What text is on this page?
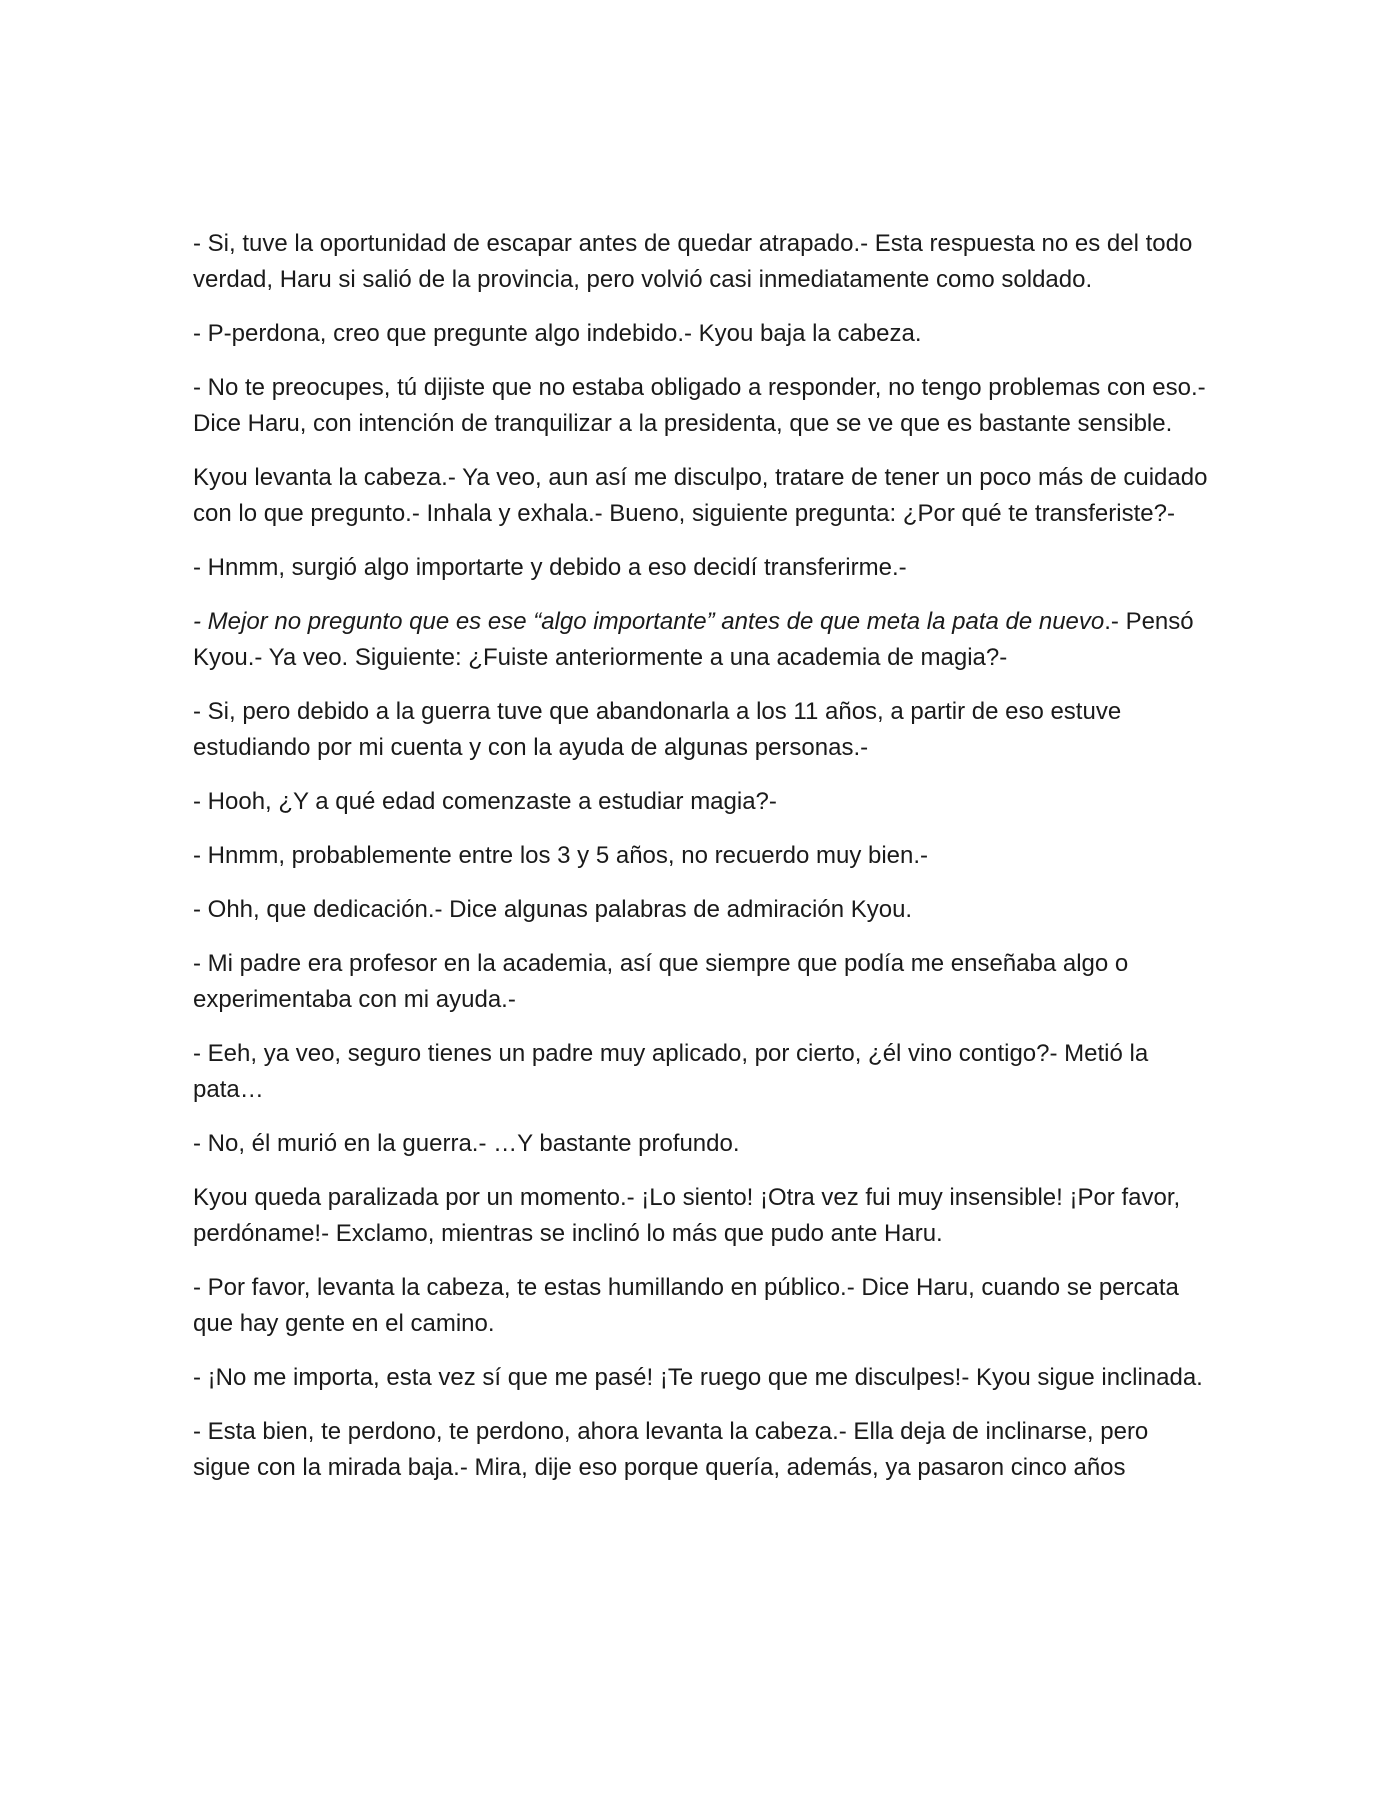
- Si, tuve la oportunidad de escapar antes de quedar atrapado.- Esta respuesta no es del todo verdad, Haru si salió de la provincia, pero volvió casi inmediatamente como soldado.

- P-perdona, creo que pregunte algo indebido.- Kyou baja la cabeza.

- No te preocupes, tú dijiste que no estaba obligado a responder, no tengo problemas con eso.- Dice Haru, con intención de tranquilizar a la presidenta, que se ve que es bastante sensible.

Kyou levanta la cabeza.- Ya veo, aun así me disculpo, tratare de tener un poco más de cuidado con lo que pregunto.- Inhala y exhala.- Bueno, siguiente pregunta: ¿Por qué te transferiste?-

- Hnmm, surgió algo importarte y debido a eso decidí transferirme.-

- Mejor no pregunto que es ese “algo importante” antes de que meta la pata de nuevo.- Pensó Kyou.- Ya veo. Siguiente: ¿Fuiste anteriormente a una academia de magia?-

- Si, pero debido a la guerra tuve que abandonarla a los 11 años, a partir de eso estuve estudiando por mi cuenta y con la ayuda de algunas personas.-

- Hooh, ¿Y a qué edad comenzaste a estudiar magia?-

- Hnmm, probablemente entre los 3 y 5 años, no recuerdo muy bien.-

- Ohh, que dedicación.- Dice algunas palabras de admiración Kyou.

- Mi padre era profesor en la academia, así que siempre que podía me enseñaba algo o experimentaba con mi ayuda.-

- Eeh, ya veo, seguro tienes un padre muy aplicado, por cierto, ¿él vino contigo?- Metió la pata…

- No, él murió en la guerra.- …Y bastante profundo.

Kyou queda paralizada por un momento.- ¡Lo siento! ¡Otra vez fui muy insensible! ¡Por favor, perdóname!- Exclamo, mientras se inclinó lo más que pudo ante Haru.

- Por favor, levanta la cabeza, te estas humillando en público.- Dice Haru, cuando se percata que hay gente en el camino.

- ¡No me importa, esta vez sí que me pasé! ¡Te ruego que me disculpes!- Kyou sigue inclinada.

- Esta bien, te perdono, te perdono, ahora levanta la cabeza.- Ella deja de inclinarse, pero sigue con la mirada baja.- Mira, dije eso porque quería, además, ya pasaron cinco años
